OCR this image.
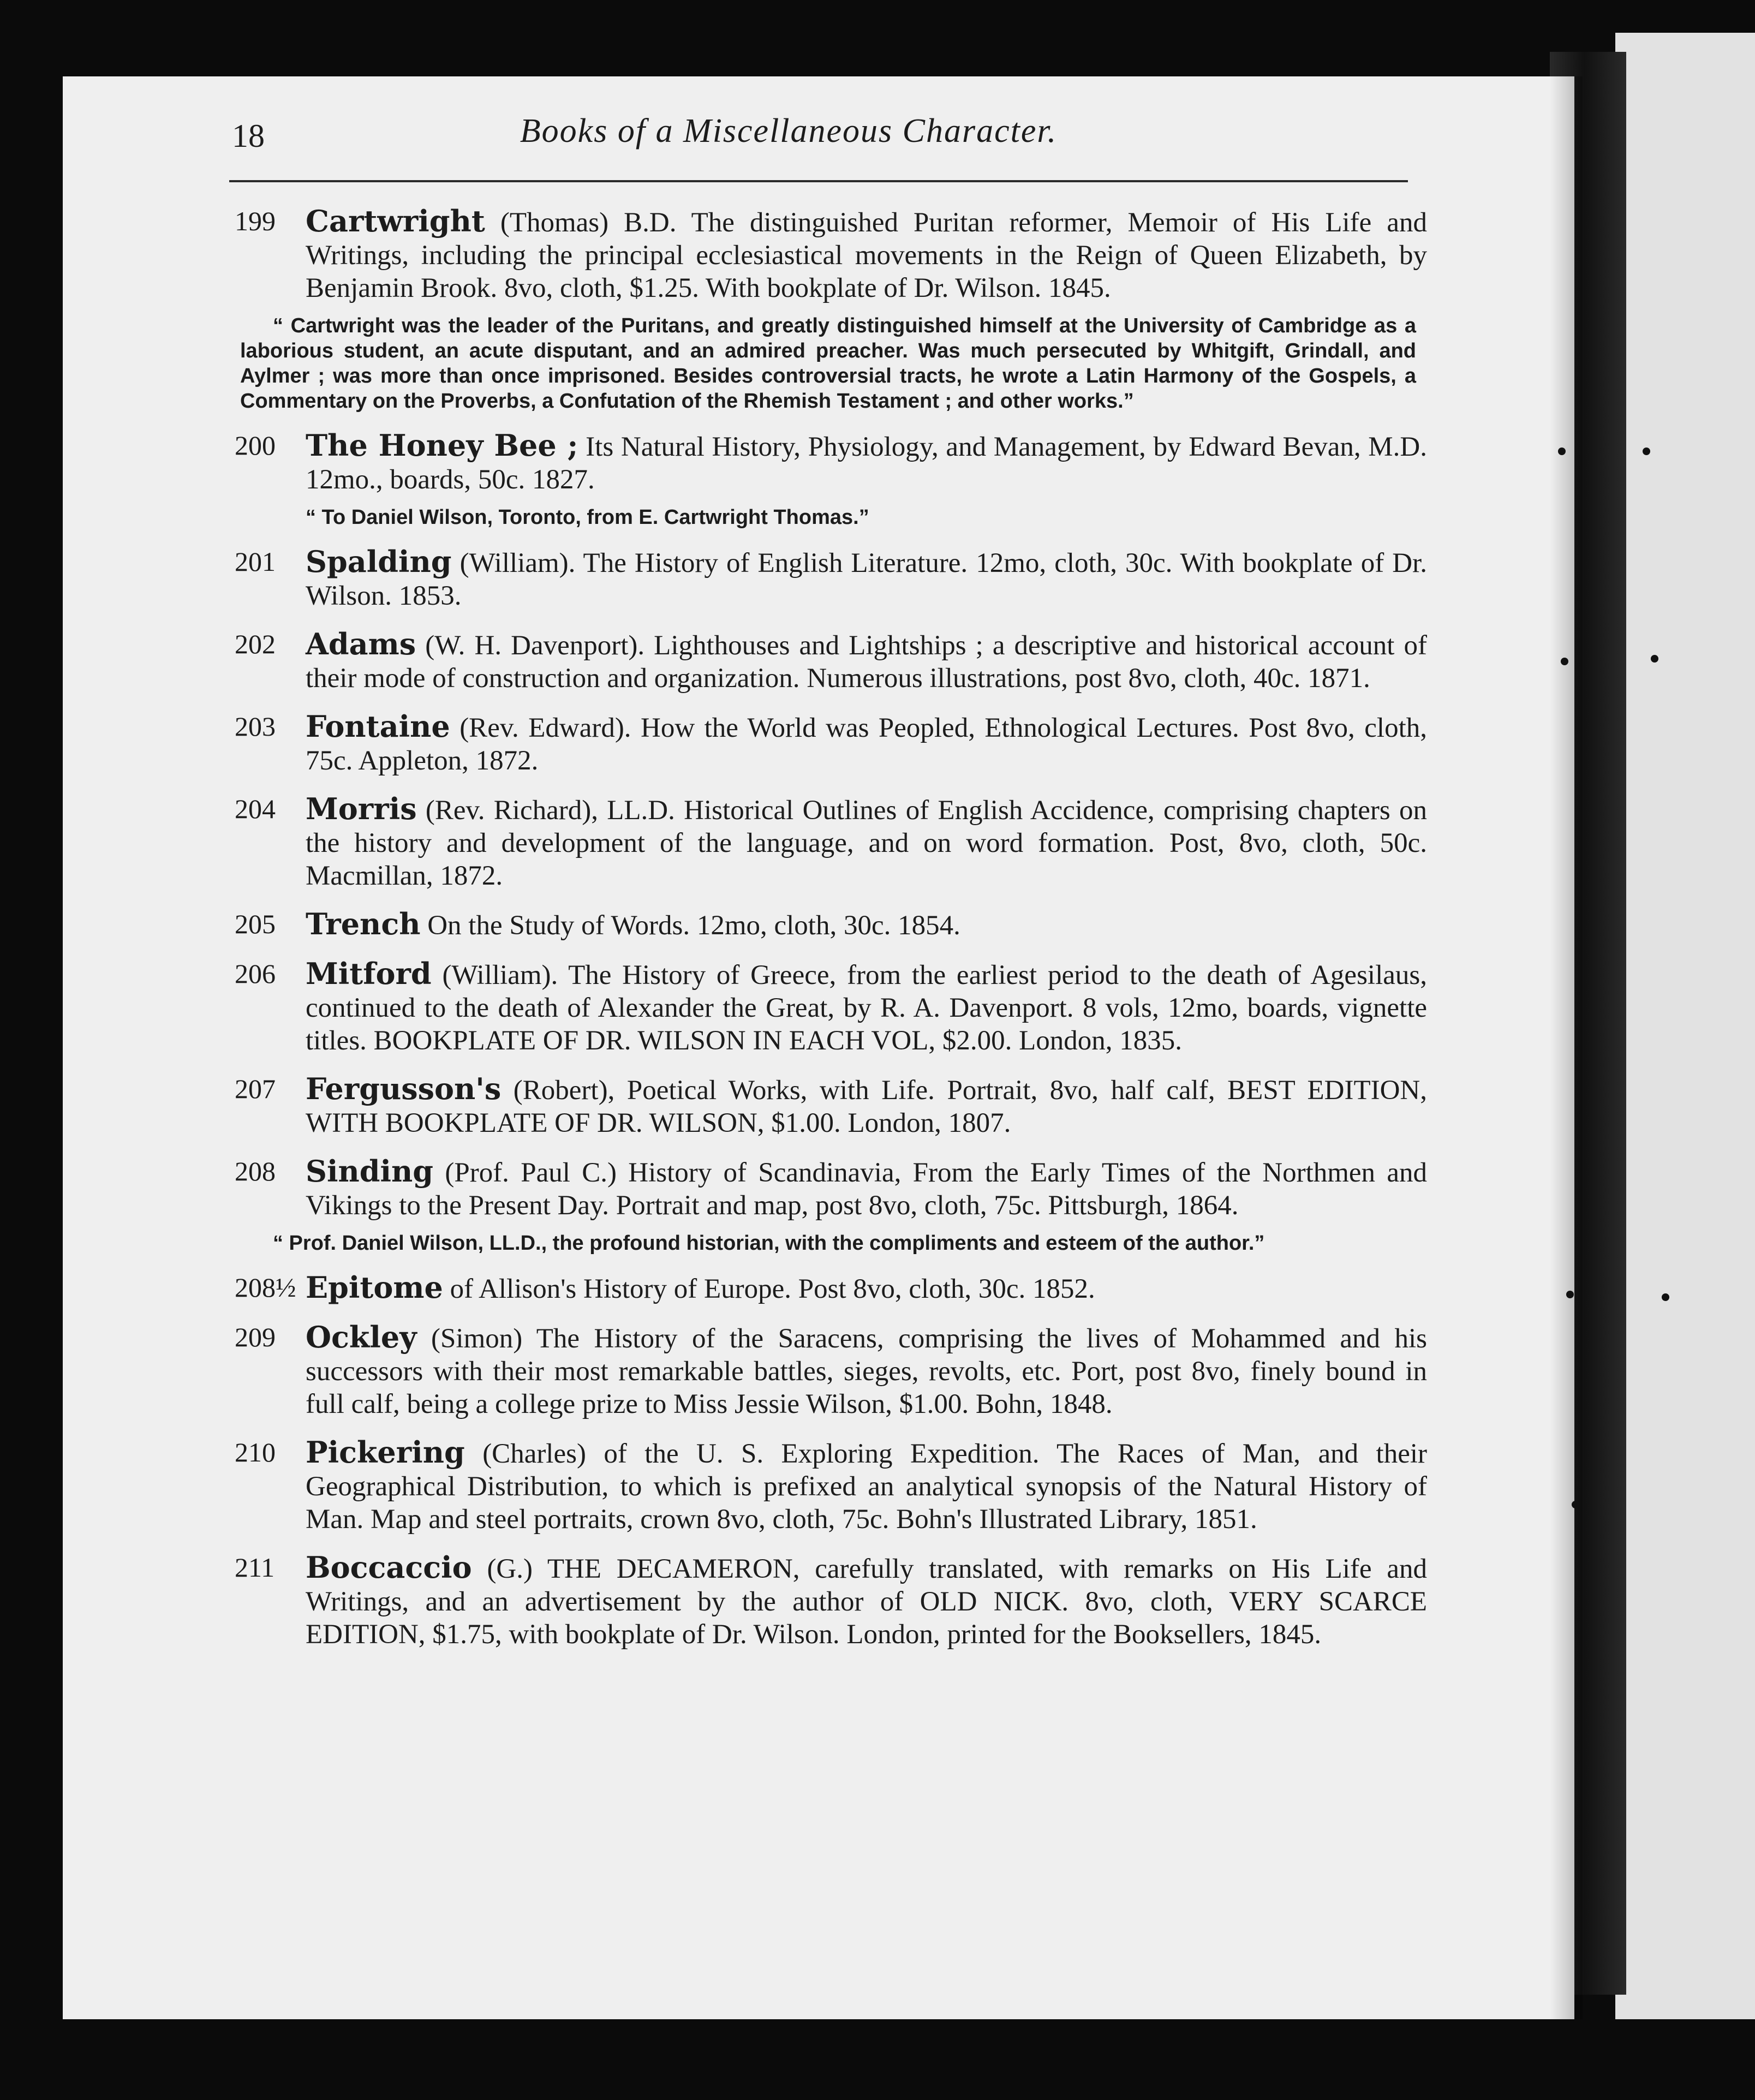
18	Books of a Miscellaneous Character.
199	Cartwright (Thomas) B.D. The distinguished Puritan reformer, Memoir of His Life and Writings, including the principal ecclesiastical movements in the Reign of Queen Elizabeth, by Benjamin Brook. 8vo, cloth, $1.25. With bookplate of Dr. Wilson. 1845.
“ Cartwright was the leader of the Puritans, and greatly distinguished himself at the University of Cambridge as a laborious student, an acute disputant, and an admired preacher. Was much persecuted by Whitgift, Grindall, and Aylmer ; was more than once imprisoned. Besides controversial tracts, he wrote a Latin Harmony of the Gospels, a Commentary on the Proverbs, a Confutation of the Rhemish Testament ; and other works.”
200	The Honey Bee ; Its Natural History, Physiology, and Management, by Edward Bevan, M.D. 12mo., boards, 50c. 1827.
“ To Daniel Wilson, Toronto, from E. Cartwright Thomas.”
201	Spalding (William). The History of English Literature. 12mo, cloth, 30c. With bookplate of Dr. Wilson. 1853.
202	Adams (W. H. Davenport). Lighthouses and Lightships ; a descriptive and historical account of their mode of construction and organization. Numerous illustrations, post 8vo, cloth, 40c. 1871.
203	Fontaine (Rev. Edward). How the World was Peopled, Ethnological Lectures. Post 8vo, cloth, 75c. Appleton, 1872.
204	Morris (Rev. Richard), LL.D. Historical Outlines of English Accidence, comprising chapters on the history and development of the language, and on word formation. Post, 8vo, cloth, 50c. Macmillan, 1872.
205	Trench On the Study of Words. 12mo, cloth, 30c. 1854.
206	Mitford (William). The History of Greece, from the earliest period to the death of Agesilaus, continued to the death of Alexander the Great, by R. A. Davenport. 8 vols, 12mo, boards, vignette titles. BOOKPLATE OF DR. WILSON IN EACH VOL, $2.00. London, 1835.
207	Fergusson's (Robert), Poetical Works, with Life. Portrait, 8vo, half calf, BEST EDITION, WITH BOOKPLATE OF DR. WILSON, $1.00. London, 1807.
208	Sinding (Prof. Paul C.) History of Scandinavia, From the Early Times of the Northmen and Vikings to the Present Day. Portrait and map, post 8vo, cloth, 75c. Pittsburgh, 1864.
“ Prof. Daniel Wilson, LL.D., the profound historian, with the compliments and esteem of the author.”
208½ Epitome of Allison's History of Europe. Post 8vo, cloth, 30c. 1852.
209	Ockley (Simon) The History of the Saracens, comprising the lives of Mohammed and his successors with their most remarkable battles, sieges, revolts, etc. Port, post 8vo, finely bound in full calf, being a college prize to Miss Jessie Wilson, $1.00. Bohn, 1848.
210	Pickering (Charles) of the U. S. Exploring Expedition. The Races of Man, and their Geographical Distribution, to which is prefixed an analytical synopsis of the Natural History of Man. Map and steel portraits, crown 8vo, cloth, 75c. Bohn's Illustrated Library, 1851.
211	Boccaccio (G.) THE DECAMERON, carefully translated, with remarks on His Life and Writings, and an advertisement by the author of OLD NICK. 8vo, cloth, VERY SCARCE EDITION, $1.75, with bookplate of Dr. Wilson. London, printed for the Booksellers, 1845.
